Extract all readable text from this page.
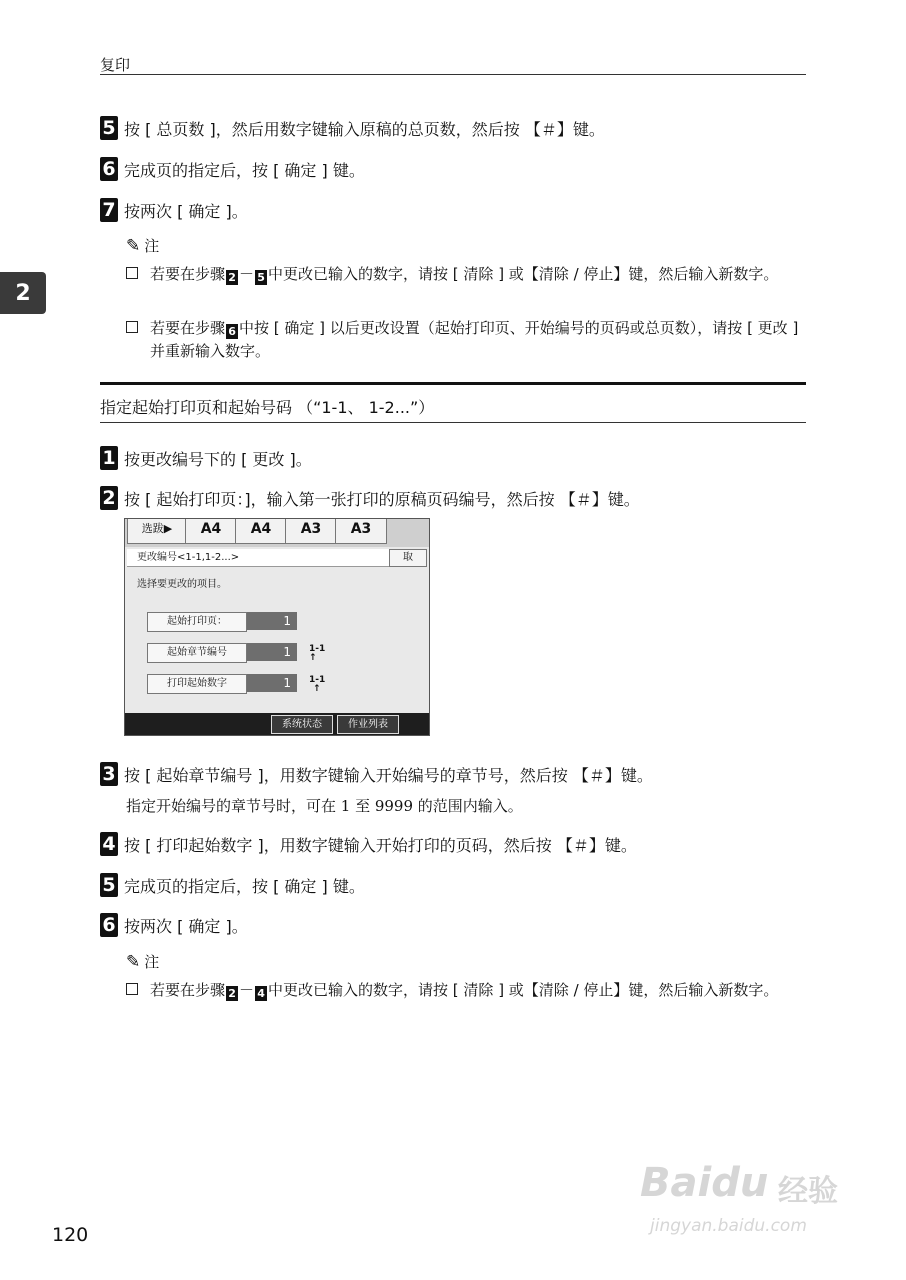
复印
2
5 按 [ 总页数 ]，然后用数字键输入原稿的总页数，然后按 【＃】键。
6 完成页的指定后，按 [ 确定 ] 键。
7 按两次 [ 确定 ]。
✎ 注
若要在步骤 2 － 5 中更改已输入的数字，请按 [ 清除 ] 或【清除 / 停止】键，然后输入新数字。
若要在步骤 6 中按 [ 确定 ] 以后更改设置（起始打印页、开始编号的页码或总页数），请按 [ 更改 ] 并重新输入数字。
指定起始打印页和起始号码 （“1-1、 1-2...”）
1 按更改编号下的 [ 更改 ]。
2 按 [ 起始打印页：]，输入第一张打印的原稿页码编号，然后按 【＃】键。
选跋▶	A4	A4	A3	A3
更改编号<1-1,1-2...>	取
选择要更改的项目。
起始打印页：	1
起始章节编号	1	1-1
↑
打印起始数字	1	1-1
↑
系统状态	作业列表
3 按 [ 起始章节编号 ]，用数字键输入开始编号的章节号，然后按 【＃】键。
指定开始编号的章节号时，可在 1 至 9999 的范围内输入。
4 按 [ 打印起始数字 ]，用数字键输入开始打印的页码，然后按 【＃】键。
5 完成页的指定后，按 [ 确定 ] 键。
6 按两次 [ 确定 ]。
✎ 注
若要在步骤 2 － 4 中更改已输入的数字，请按 [ 清除 ] 或【清除 / 停止】键，然后输入新数字。
Baidu 经验
jingyan.baidu.com
120
